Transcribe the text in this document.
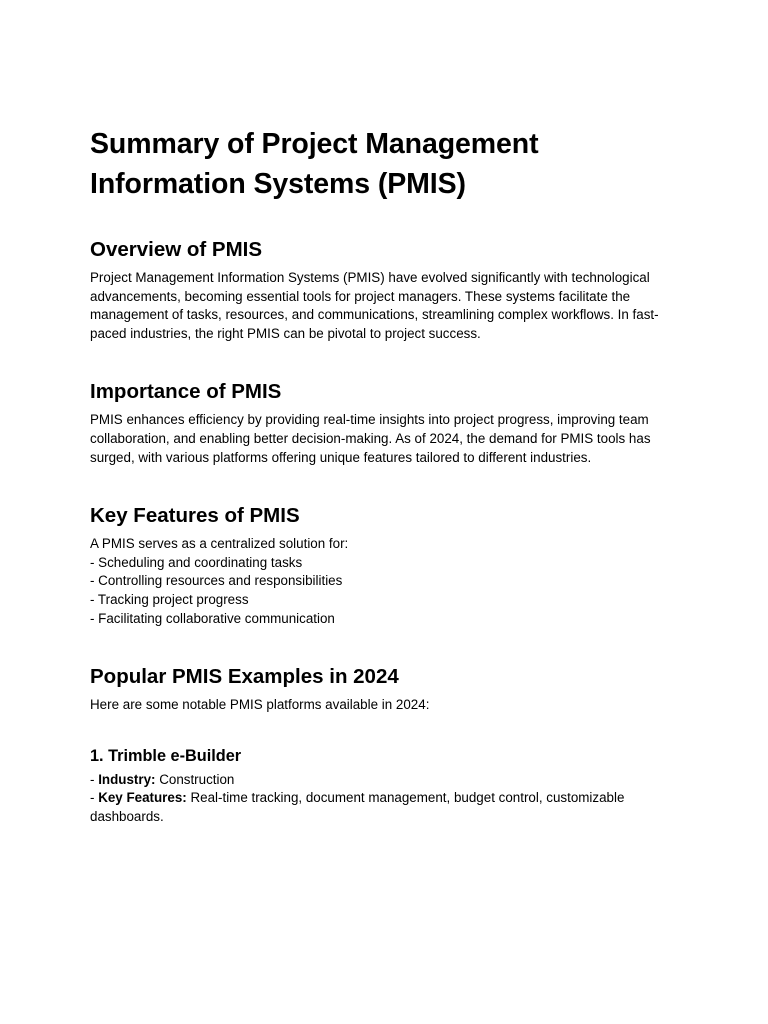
Summary of Project Management Information Systems (PMIS)
Overview of PMIS

Project Management Information Systems (PMIS) have evolved significantly with technological advancements, becoming essential tools for project managers. These systems facilitate the management of tasks, resources, and communications, streamlining complex workflows. In fast-paced industries, the right PMIS can be pivotal to project success.

Importance of PMIS

PMIS enhances efficiency by providing real-time insights into project progress, improving team collaboration, and enabling better decision-making. As of 2024, the demand for PMIS tools has surged, with various platforms offering unique features tailored to different industries.

Key Features of PMIS
A PMIS serves as a centralized solution for:
- Scheduling and coordinating tasks
- Controlling resources and responsibilities
- Tracking project progress
- Facilitating collaborative communication
Popular PMIS Examples in 2024

Here are some notable PMIS platforms available in 2024:

1. Trimble e-Builder

- Industry: Construction

- Key Features: Real-time tracking, document management, budget control, customizable dashboards.
